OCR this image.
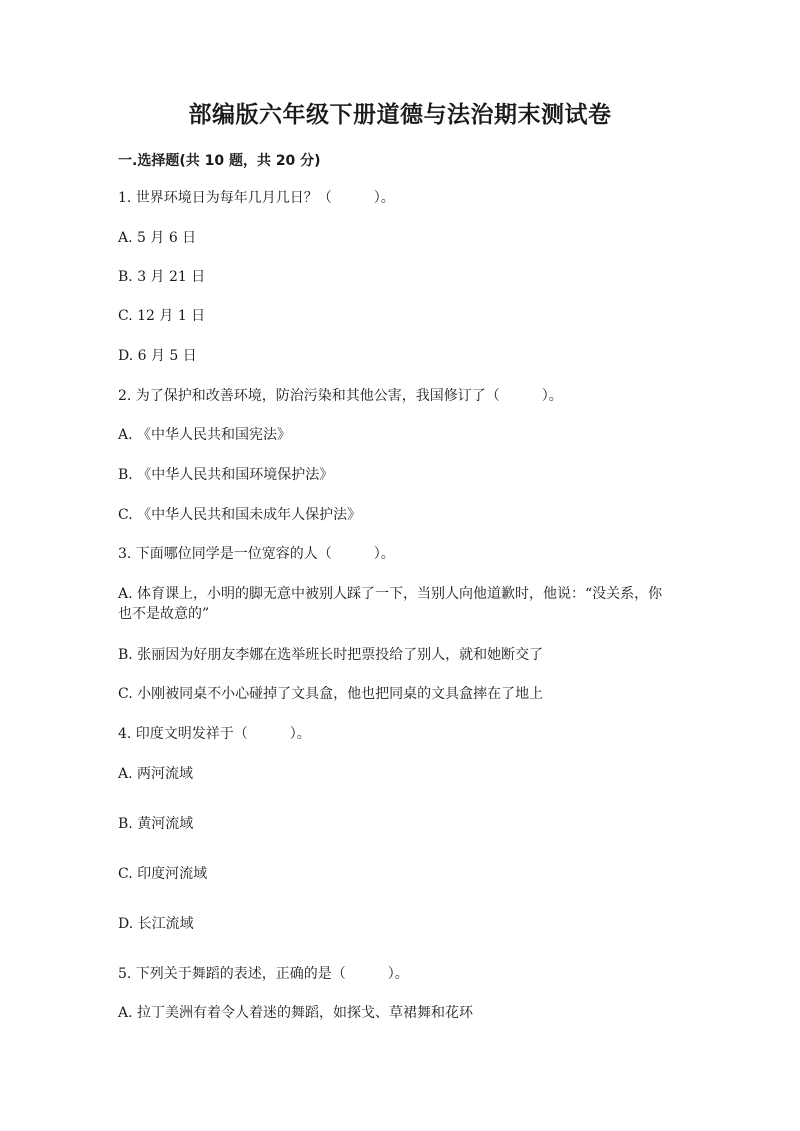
部编版六年级下册道德与法治期末测试卷
一.选择题(共 10 题，共 20 分)
1. 世界环境日为每年几月几日？（　　　）。
A. 5 月 6 日
B. 3 月 21 日
C. 12 月 1 日
D. 6 月 5 日
2. 为了保护和改善环境，防治污染和其他公害，我国修订了（　　　）。
A. 《中华人民共和国宪法》
B. 《中华人民共和国环境保护法》
C. 《中华人民共和国未成年人保护法》
3. 下面哪位同学是一位宽容的人（　　　）。
A. 体育课上，小明的脚无意中被别人踩了一下，当别人向他道歉时，他说：“没关系，你也不是故意的”
B. 张丽因为好朋友李娜在选举班长时把票投给了别人，就和她断交了
C. 小刚被同桌不小心碰掉了文具盒，他也把同桌的文具盒摔在了地上
4. 印度文明发祥于（　　　）。
A. 两河流域
B. 黄河流域
C. 印度河流域
D. 长江流域
5. 下列关于舞蹈的表述，正确的是（　　　）。
A. 拉丁美洲有着令人着迷的舞蹈，如探戈、草裙舞和花环
